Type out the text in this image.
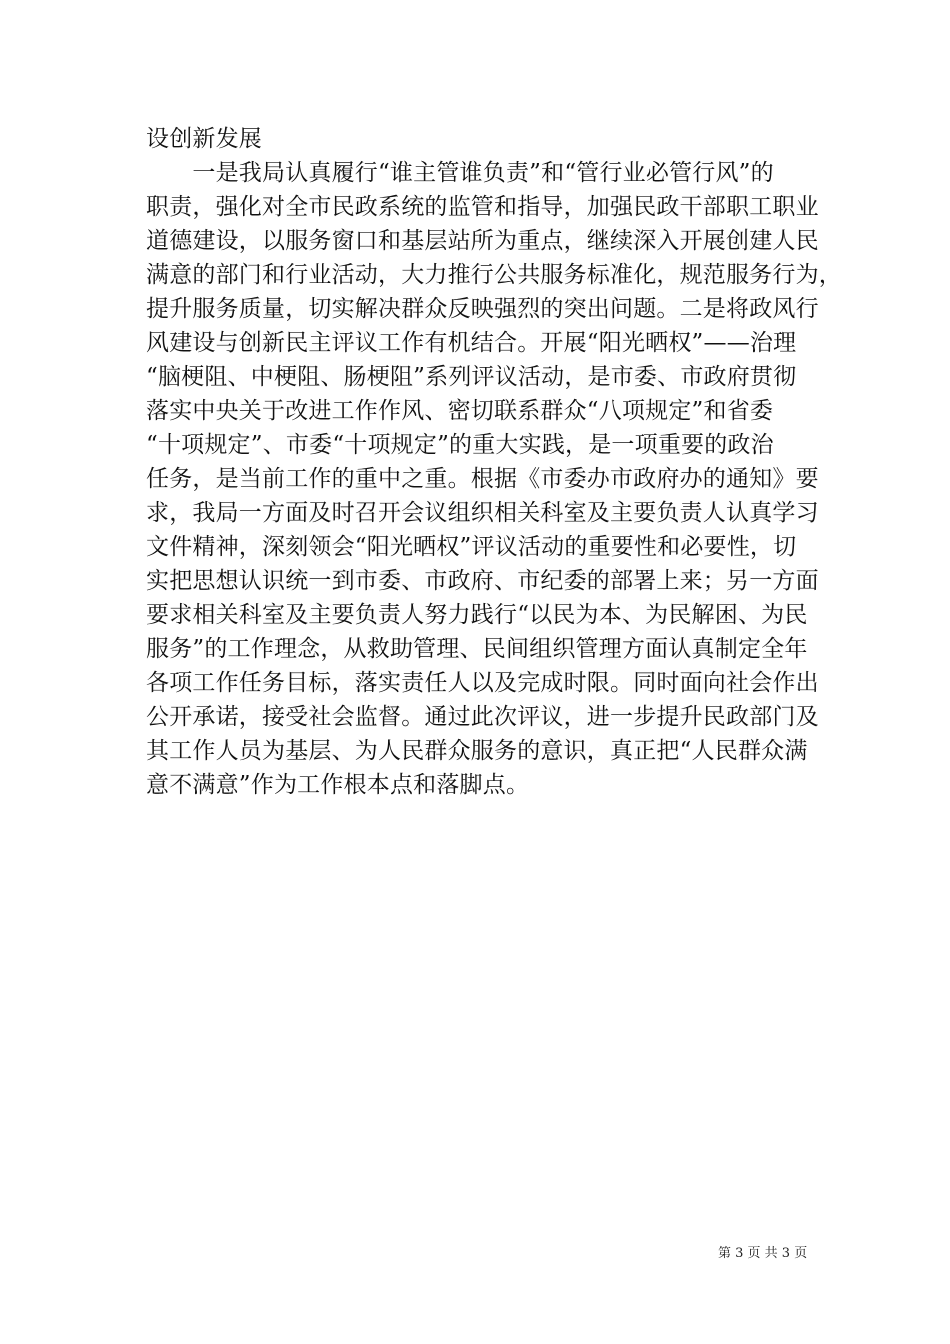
设创新发展
　　一是我局认真履行“谁主管谁负责”和“管行业必管行风”的
职责，强化对全市民政系统的监管和指导，加强民政干部职工职业
道德建设，以服务窗口和基层站所为重点，继续深入开展创建人民
满意的部门和行业活动，大力推行公共服务标准化，规范服务行为，
提升服务质量，切实解决群众反映强烈的突出问题。二是将政风行
风建设与创新民主评议工作有机结合。开展“阳光晒权”——治理
“脑梗阻、中梗阻、肠梗阻”系列评议活动，是市委、市政府贯彻
落实中央关于改进工作作风、密切联系群众“八项规定”和省委
“十项规定”、市委“十项规定”的重大实践，是一项重要的政治
任务，是当前工作的重中之重。根据《市委办市政府办的通知》要
求，我局一方面及时召开会议组织相关科室及主要负责人认真学习
文件精神，深刻领会“阳光晒权”评议活动的重要性和必要性，切
实把思想认识统一到市委、市政府、市纪委的部署上来；另一方面
要求相关科室及主要负责人努力践行“以民为本、为民解困、为民
服务”的工作理念，从救助管理、民间组织管理方面认真制定全年
各项工作任务目标，落实责任人以及完成时限。同时面向社会作出
公开承诺，接受社会监督。通过此次评议，进一步提升民政部门及
其工作人员为基层、为人民群众服务的意识，真正把“人民群众满
意不满意”作为工作根本点和落脚点。
第 3 页 共 3 页
